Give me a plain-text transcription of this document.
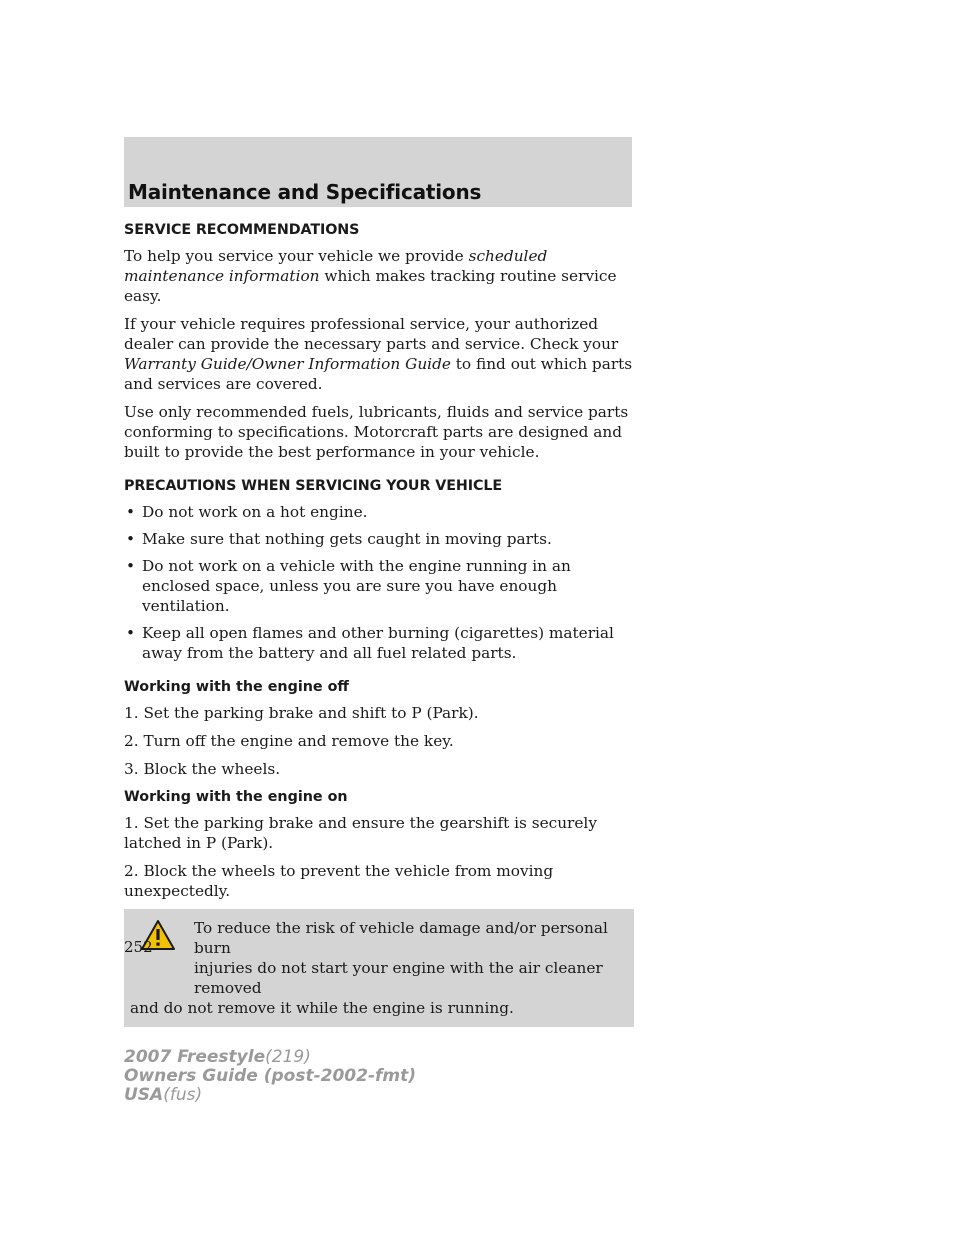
Maintenance and Specifications
SERVICE RECOMMENDATIONS

To help you service your vehicle we provide scheduled maintenance information which makes tracking routine service easy.

If your vehicle requires professional service, your authorized dealer can provide the necessary parts and service. Check your Warranty Guide/Owner Information Guide to find out which parts and services are covered.

Use only recommended fuels, lubricants, fluids and service parts conforming to specifications. Motorcraft parts are designed and built to provide the best performance in your vehicle.

PRECAUTIONS WHEN SERVICING YOUR VEHICLE
• Do not work on a hot engine.
• Make sure that nothing gets caught in moving parts.
• Do not work on a vehicle with the engine running in an enclosed space, unless you are sure you have enough ventilation.
• Keep all open flames and other burning (cigarettes) material away from the battery and all fuel related parts.
Working with the engine off

1. Set the parking brake and shift to P (Park).

2. Turn off the engine and remove the key.

3. Block the wheels.

Working with the engine on

1. Set the parking brake and ensure the gearshift is securely latched in P (Park).

2. Block the wheels to prevent the vehicle from moving unexpectedly.

To reduce the risk of vehicle damage and/or personal burn
injuries do not start your engine with the air cleaner removed
and do not remove it while the engine is running.
252
2007 Freestyle(219)
Owners Guide (post-2002-fmt)
USA(fus)
